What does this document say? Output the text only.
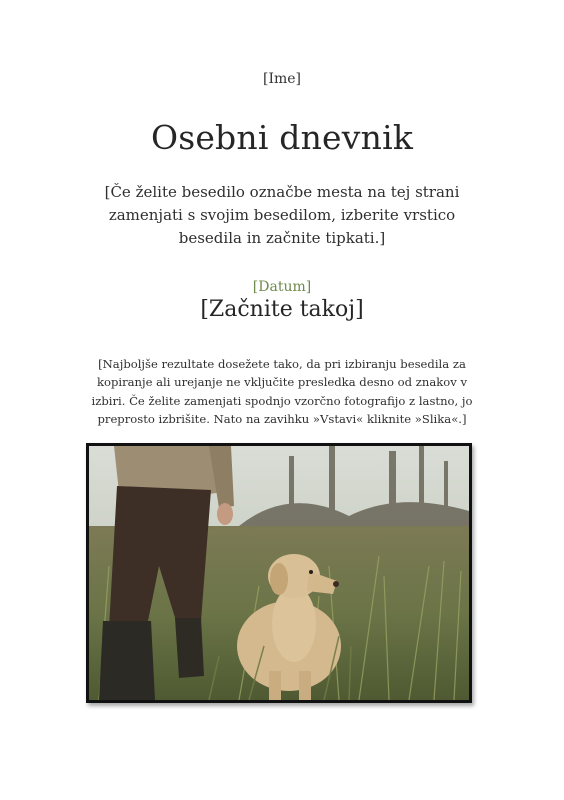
[Ime]
Osebni dnevnik
[Če želite besedilo označbe mesta na tej strani zamenjati s svojim besedilom, izberite vrstico besedila in začnite tipkati.]
[Datum]
[Začnite takoj]
[Najboljše rezultate dosežete tako, da pri izbiranju besedila za kopiranje ali urejanje ne vključite presledka desno od znakov v izbiri. Če želite zamenjati spodnjo vzorčno fotografijo z lastno, jo preprosto izbrišite. Nato na zavihku »Vstavi« kliknite »Slika«.]
